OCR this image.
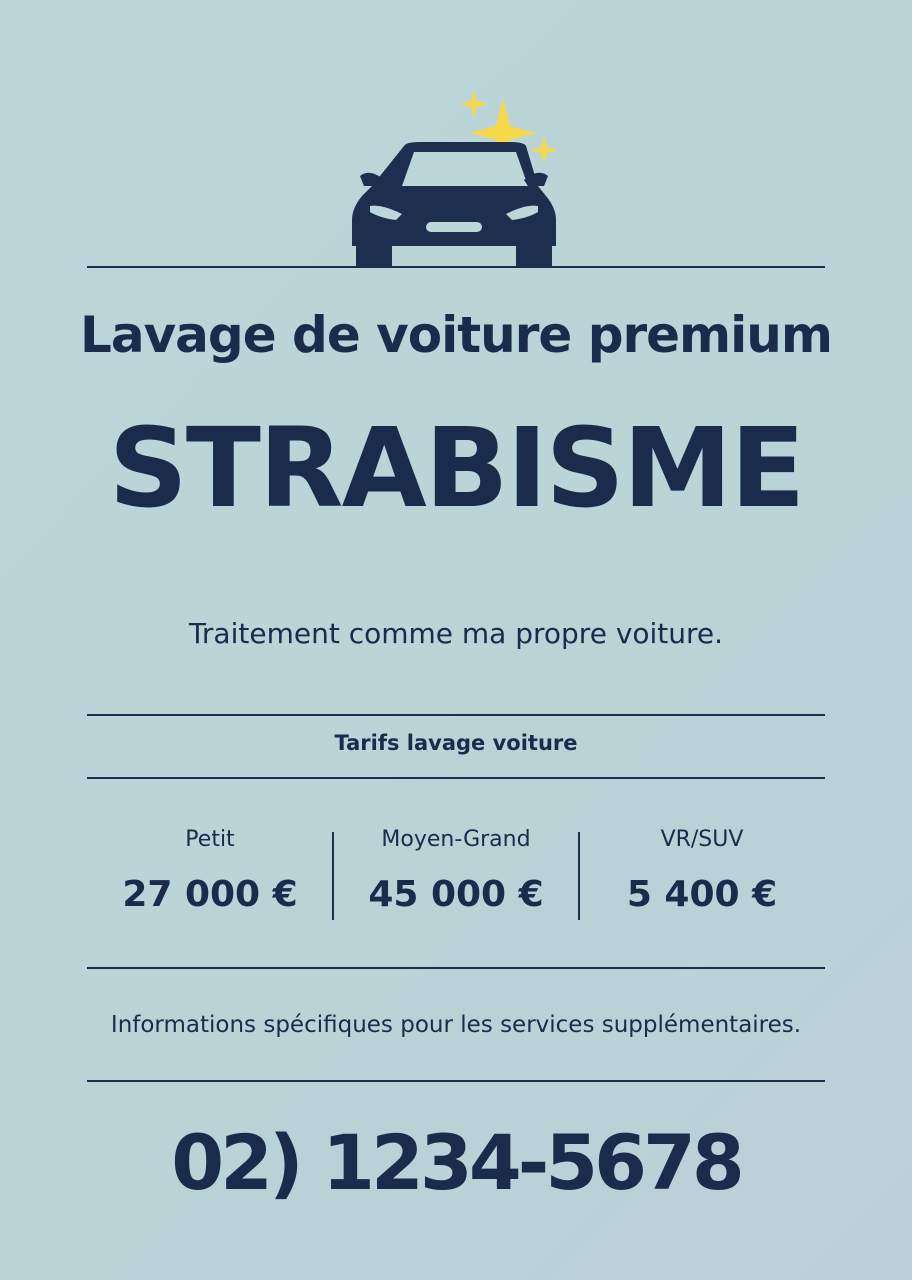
Lavage de voiture premium
STRABISME
Traitement comme ma propre voiture.
Tarifs lavage voiture
Petit
27 000 €
Moyen-Grand
45 000 €
VR/SUV
5 400 €
Informations spécifiques pour les services supplémentaires.
02) 1234-5678
